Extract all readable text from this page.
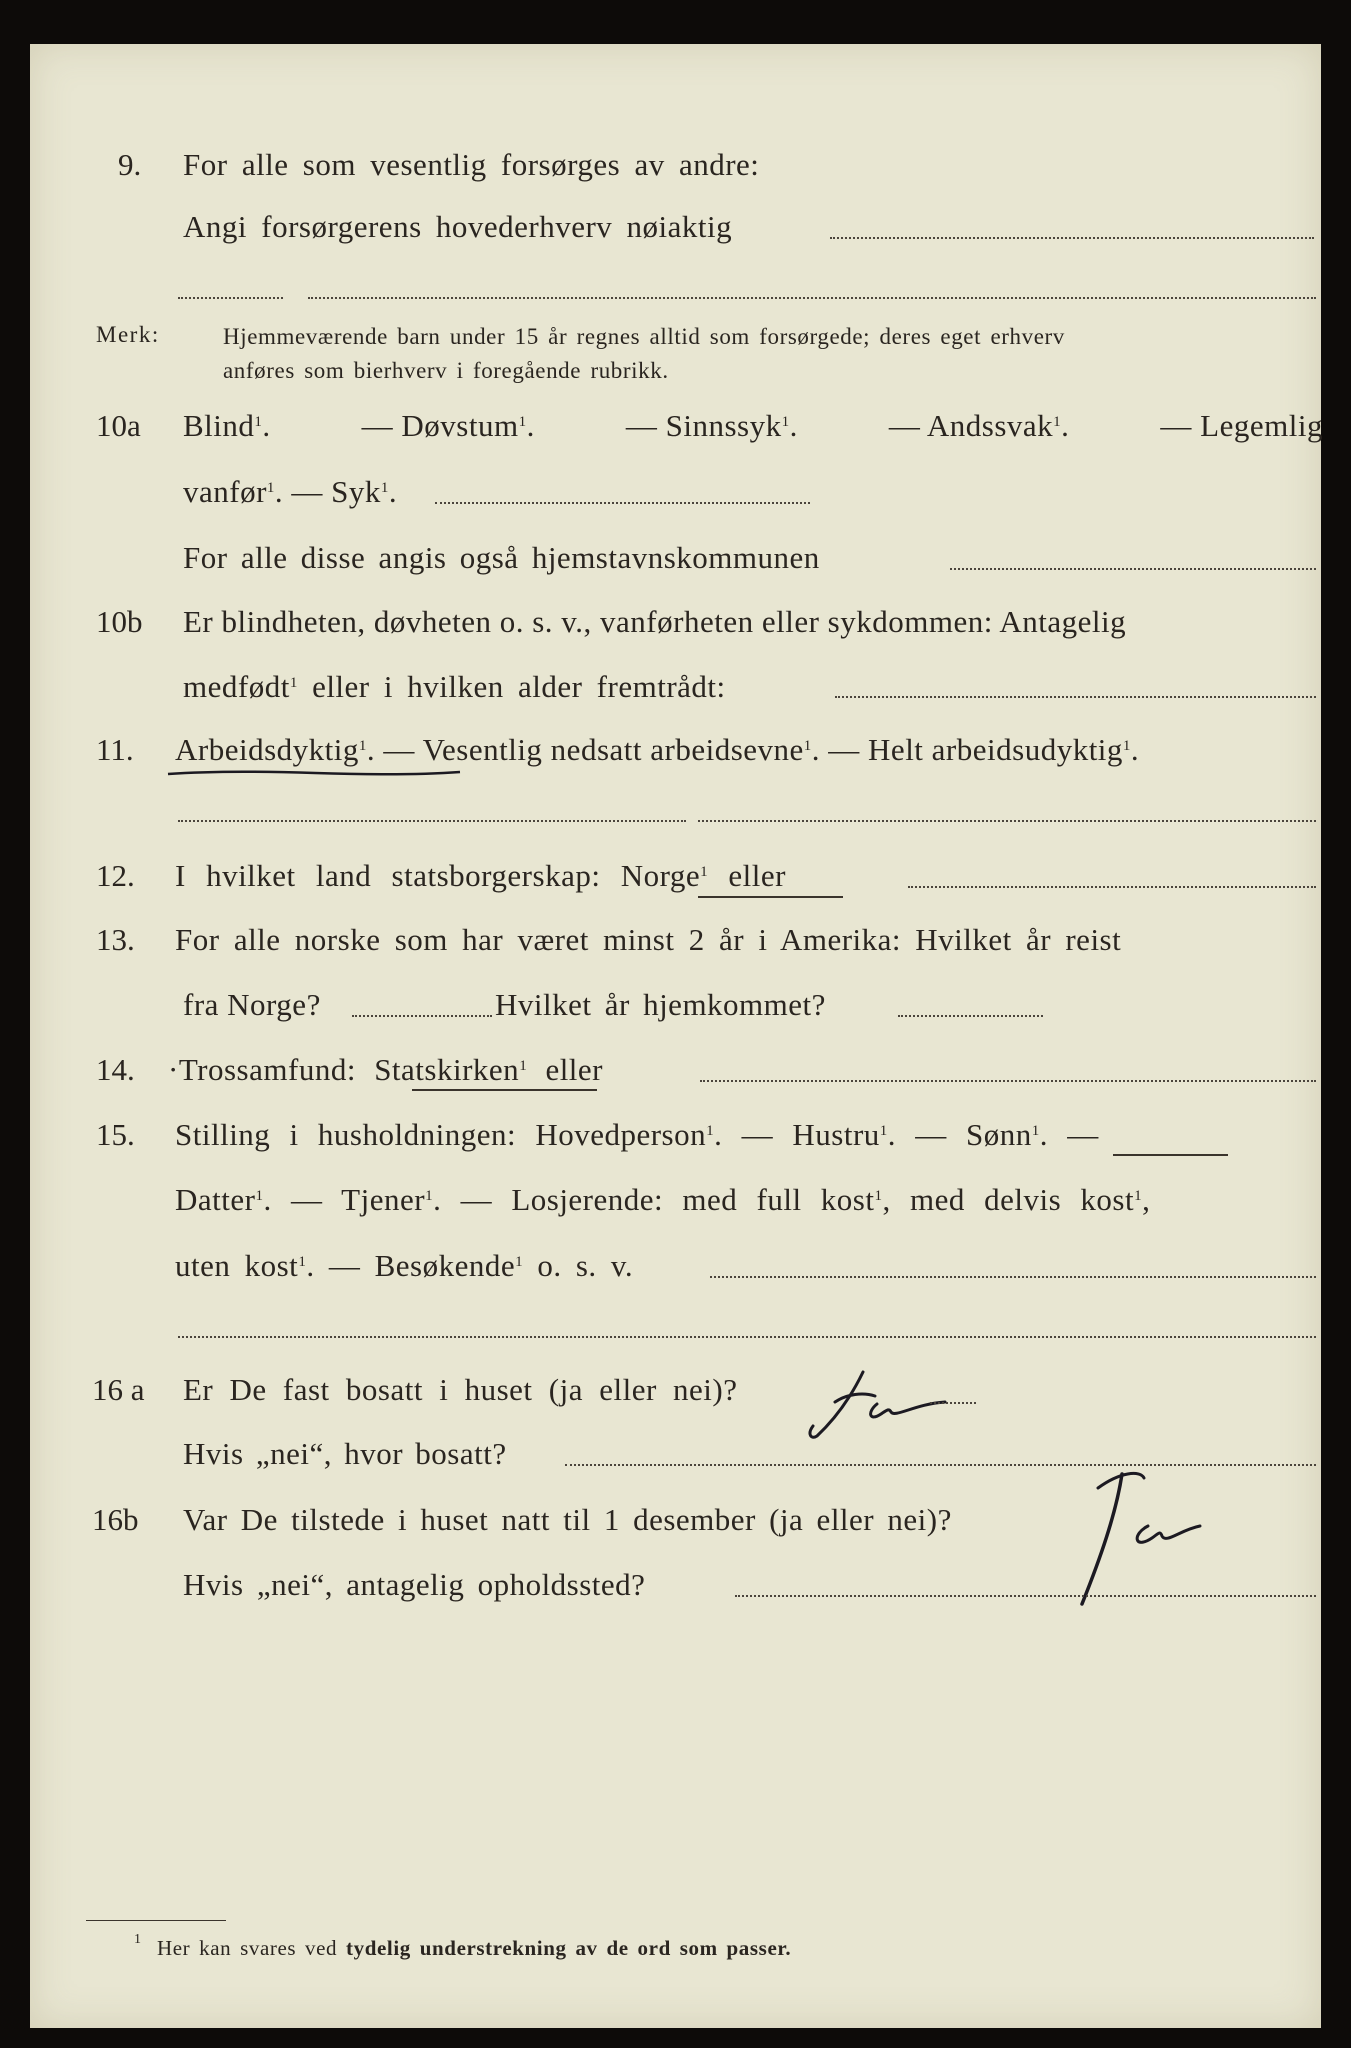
9. For alle som vesentlig forsørges av andre:
Angi forsørgerens hovederhverv nøiaktig
Merk:	Hjemmeværende barn under 15 år regnes alltid som forsørgede; deres eget erhverv
anføres som bierhverv i foregående rubrikk.
10a Blind$^1$.	— Døvstum$^1$.	— Sinnssyk$^1$.	— Andssvak$^1$.	— Legemlig
vanfør$^1$. — Syk$^1$.
For alle disse angis også hjemstavnskommunen
10b Er blindheten, døvheten o. s. v., vanførheten eller sykdommen: Antagelig
medfødt$^1$ eller i hvilken alder fremtrådt:
11. Arbeidsdyktig$^1$. — Vesentlig nedsatt arbeidsevne$^1$. — Helt arbeidsudyktig$^1$.
12. I hvilket land statsborgerskap: Norge$^1$ eller
13. For alle norske som har været minst 2 år i Amerika: Hvilket år reist
fra Norge?	Hvilket år hjemkommet?
14. ·Trossamfund: Statskirken$^1$ eller
15. Stilling i husholdningen: Hovedperson$^1$. — Hustru$^1$. — Sønn$^1$. —
Datter$^1$. — Tjener$^1$. — Losjerende: med full kost$^1$, med delvis kost$^1$,
uten kost$^1$. — Besøkende$^1$ o. s. v.
16 a Er De fast bosatt i huset (ja eller nei)?
Hvis „nei“, hvor bosatt?
16b Var De tilstede i huset natt til 1 desember (ja eller nei)?
Hvis „nei“, antagelig opholdssted?
1 Her kan svares ved tydelig understrekning av de ord som passer.
